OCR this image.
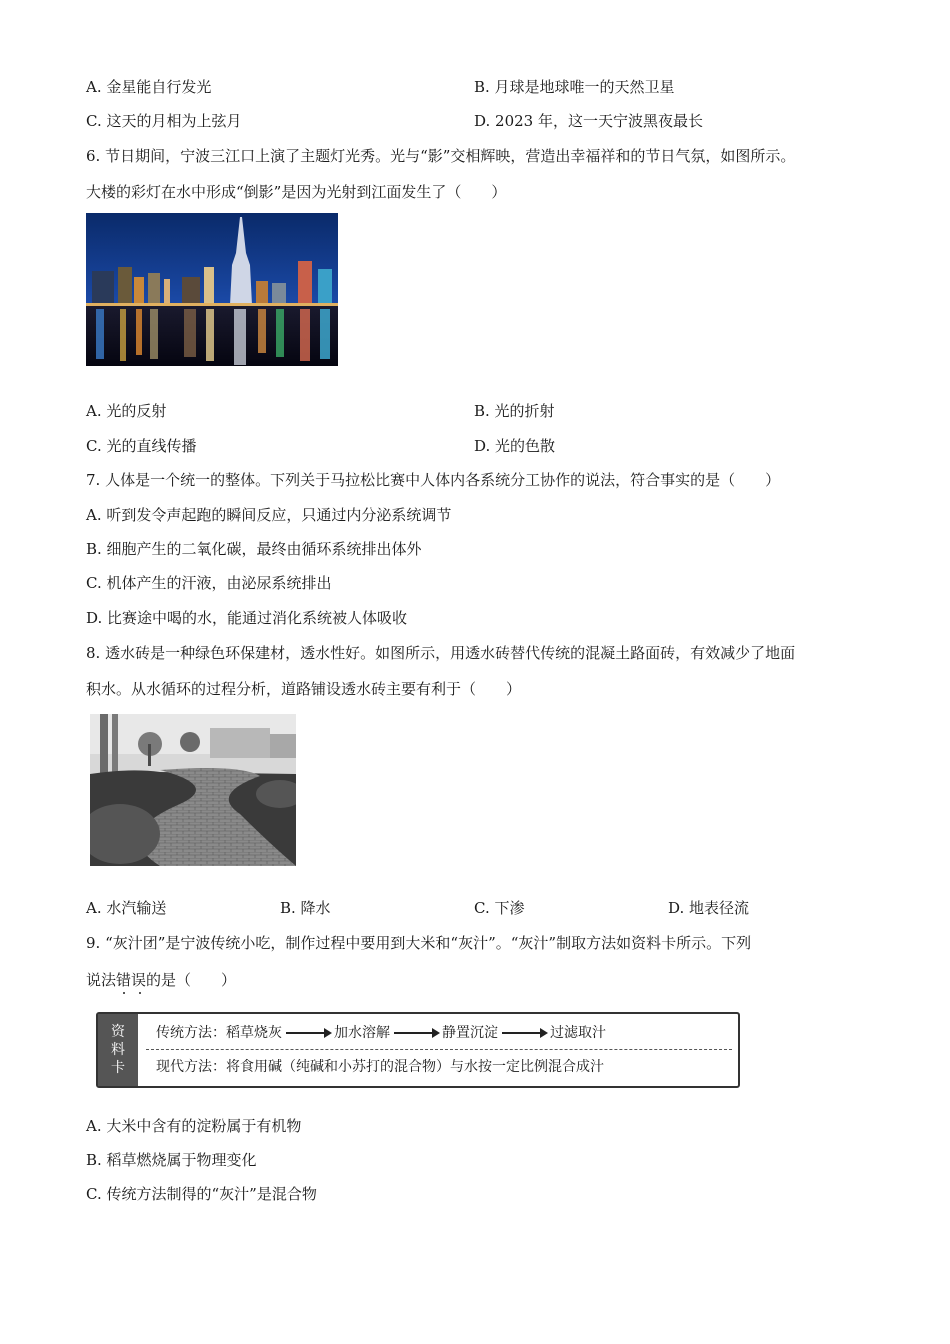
A. 金星能自行发光	B. 月球是地球唯一的天然卫星
C. 这天的月相为上弦月	D. 2023 年，这一天宁波黑夜最长
6. 节日期间，宁波三江口上演了主题灯光秀。光与“影”交相辉映，营造出幸福祥和的节日气氛，如图所示。
大楼的彩灯在水中形成“倒影”是因为光射到江面发生了（　　）
A. 光的反射	B. 光的折射
C. 光的直线传播	D. 光的色散
7. 人体是一个统一的整体。下列关于马拉松比赛中人体内各系统分工协作的说法，符合事实的是（　　）
A. 听到发令声起跑的瞬间反应，只通过内分泌系统调节
B. 细胞产生的二氧化碳，最终由循环系统排出体外
C. 机体产生的汗液，由泌尿系统排出
D. 比赛途中喝的水，能通过消化系统被人体吸收
8. 透水砖是一种绿色环保建材，透水性好。如图所示，用透水砖替代传统的混凝土路面砖，有效减少了地面
积水。从水循环的过程分析，道路铺设透水砖主要有利于（　　）
A. 水汽输送	B. 降水	C. 下渗	D. 地表径流
9. “灰汁团”是宁波传统小吃，制作过程中要用到大米和“灰汁”。“灰汁”制取方法如资料卡所示。下列
说法错误的是（　　）
资
料
卡
传统方法：稻草烧灰	加水溶解	静置沉淀	过滤取汁
现代方法：将食用碱（纯碱和小苏打的混合物）与水按一定比例混合成汁
A. 大米中含有的淀粉属于有机物
B. 稻草燃烧属于物理变化
C. 传统方法制得的“灰汁”是混合物
